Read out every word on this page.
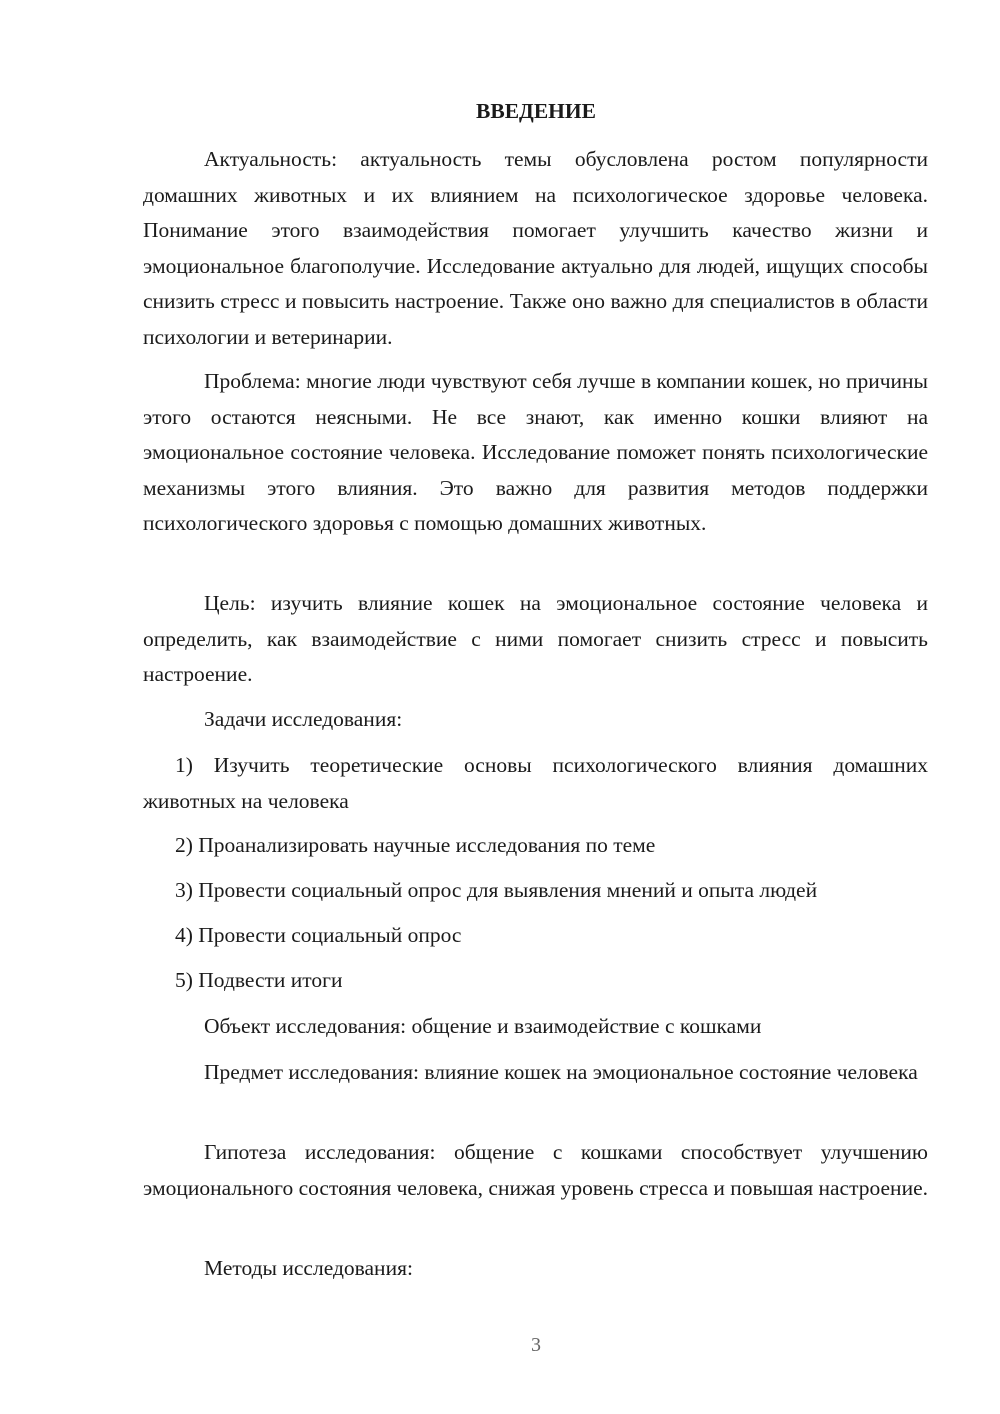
ВВЕДЕНИЕ

Актуальность: актуальность темы обусловлена ростом популярности домашних животных и их влиянием на психологическое здоровье человека. Понимание этого взаимодействия помогает улучшить качество жизни и эмоциональное благополучие. Исследование актуально для людей, ищущих способы снизить стресс и повысить настроение. Также оно важно для специалистов в области психологии и ветеринарии.

Проблема: многие люди чувствуют себя лучше в компании кошек, но причины этого остаются неясными. Не все знают, как именно кошки влияют на эмоциональное состояние человека. Исследование поможет понять психологические механизмы этого влияния. Это важно для развития методов поддержки психологического здоровья с помощью домашних животных.

Цель: изучить влияние кошек на эмоциональное состояние человека и определить, как взаимодействие с ними помогает снизить стресс и повысить настроение.

Задачи исследования:

1) Изучить теоретические основы психологического влияния домашних животных на человека

2) Проанализировать научные исследования по теме

3) Провести социальный опрос для выявления мнений и опыта людей

4) Провести социальный опрос

5) Подвести итоги

Объект исследования: общение и взаимодействие с кошками

Предмет исследования: влияние кошек на эмоциональное состояние человека

Гипотеза исследования: общение с кошками способствует улучшению эмоционального состояния человека, снижая уровень стресса и повышая настроение.

Методы исследования:

3
